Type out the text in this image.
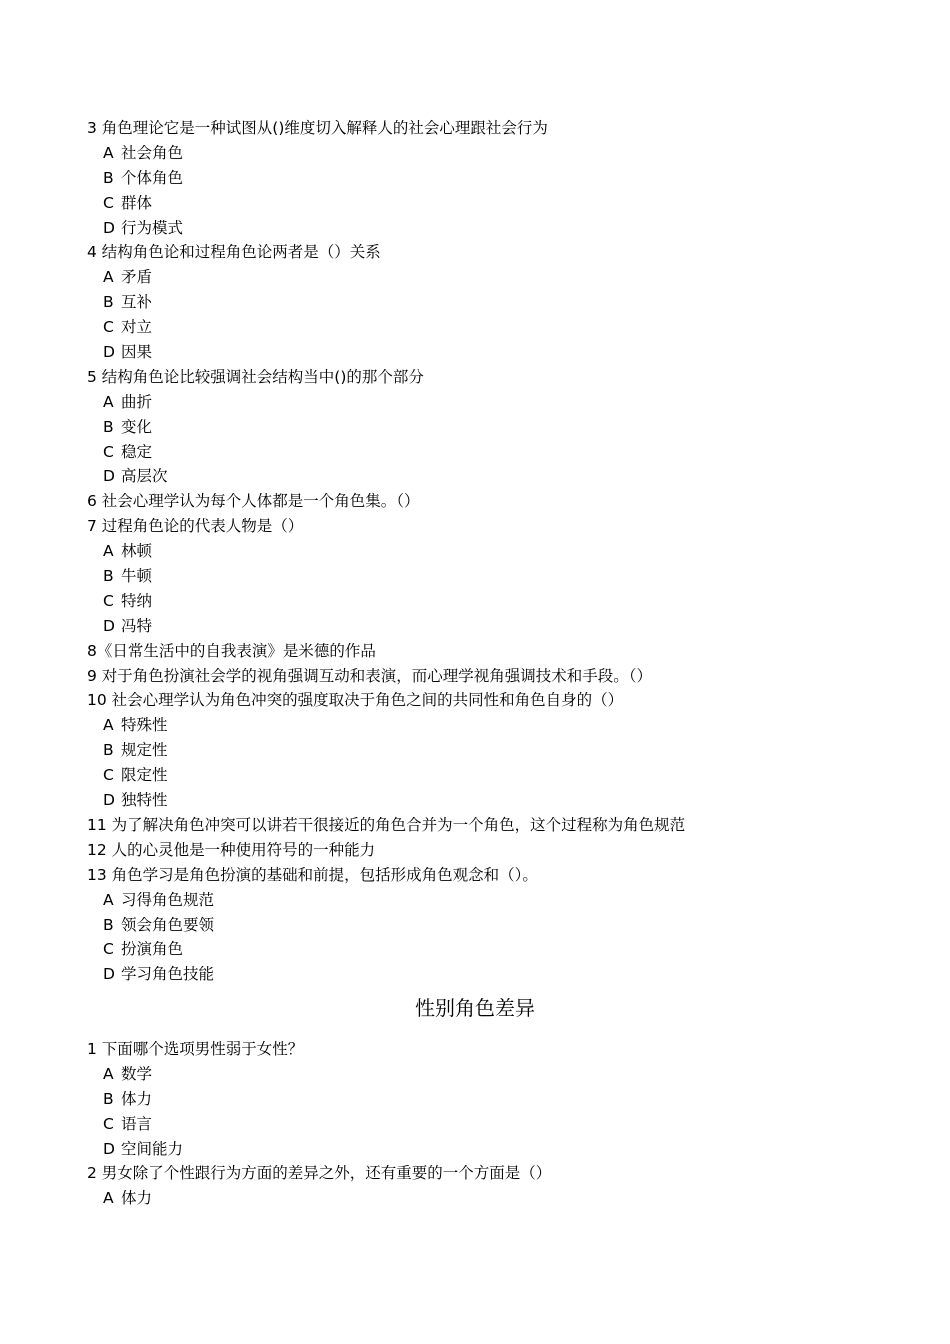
3 角色理论它是一种试图从()维度切入解释人的社会心理跟社会行为
A 社会角色
B 个体角色
C 群体
D 行为模式
4 结构角色论和过程角色论两者是（）关系
A 矛盾
B 互补
C 对立
D 因果
5 结构角色论比较强调社会结构当中()的那个部分
A 曲折
B 变化
C 稳定
D 高层次
6 社会心理学认为每个人体都是一个角色集。（）
7 过程角色论的代表人物是（）
A 林顿
B 牛顿
C 特纳
D 冯特
8《日常生活中的自我表演》是米德的作品
9 对于角色扮演社会学的视角强调互动和表演，而心理学视角强调技术和手段。（）
10 社会心理学认为角色冲突的强度取决于角色之间的共同性和角色自身的（）
A 特殊性
B 规定性
C 限定性
D 独特性
11 为了解决角色冲突可以讲若干很接近的角色合并为一个角色，这个过程称为角色规范
12 人的心灵他是一种使用符号的一种能力
13 角色学习是角色扮演的基础和前提，包括形成角色观念和（）。
A 习得角色规范
B 领会角色要领
C 扮演角色
D 学习角色技能
性别角色差异
1 下面哪个选项男性弱于女性？
A 数学
B 体力
C 语言
D 空间能力
2 男女除了个性跟行为方面的差异之外，还有重要的一个方面是（）
A 体力
